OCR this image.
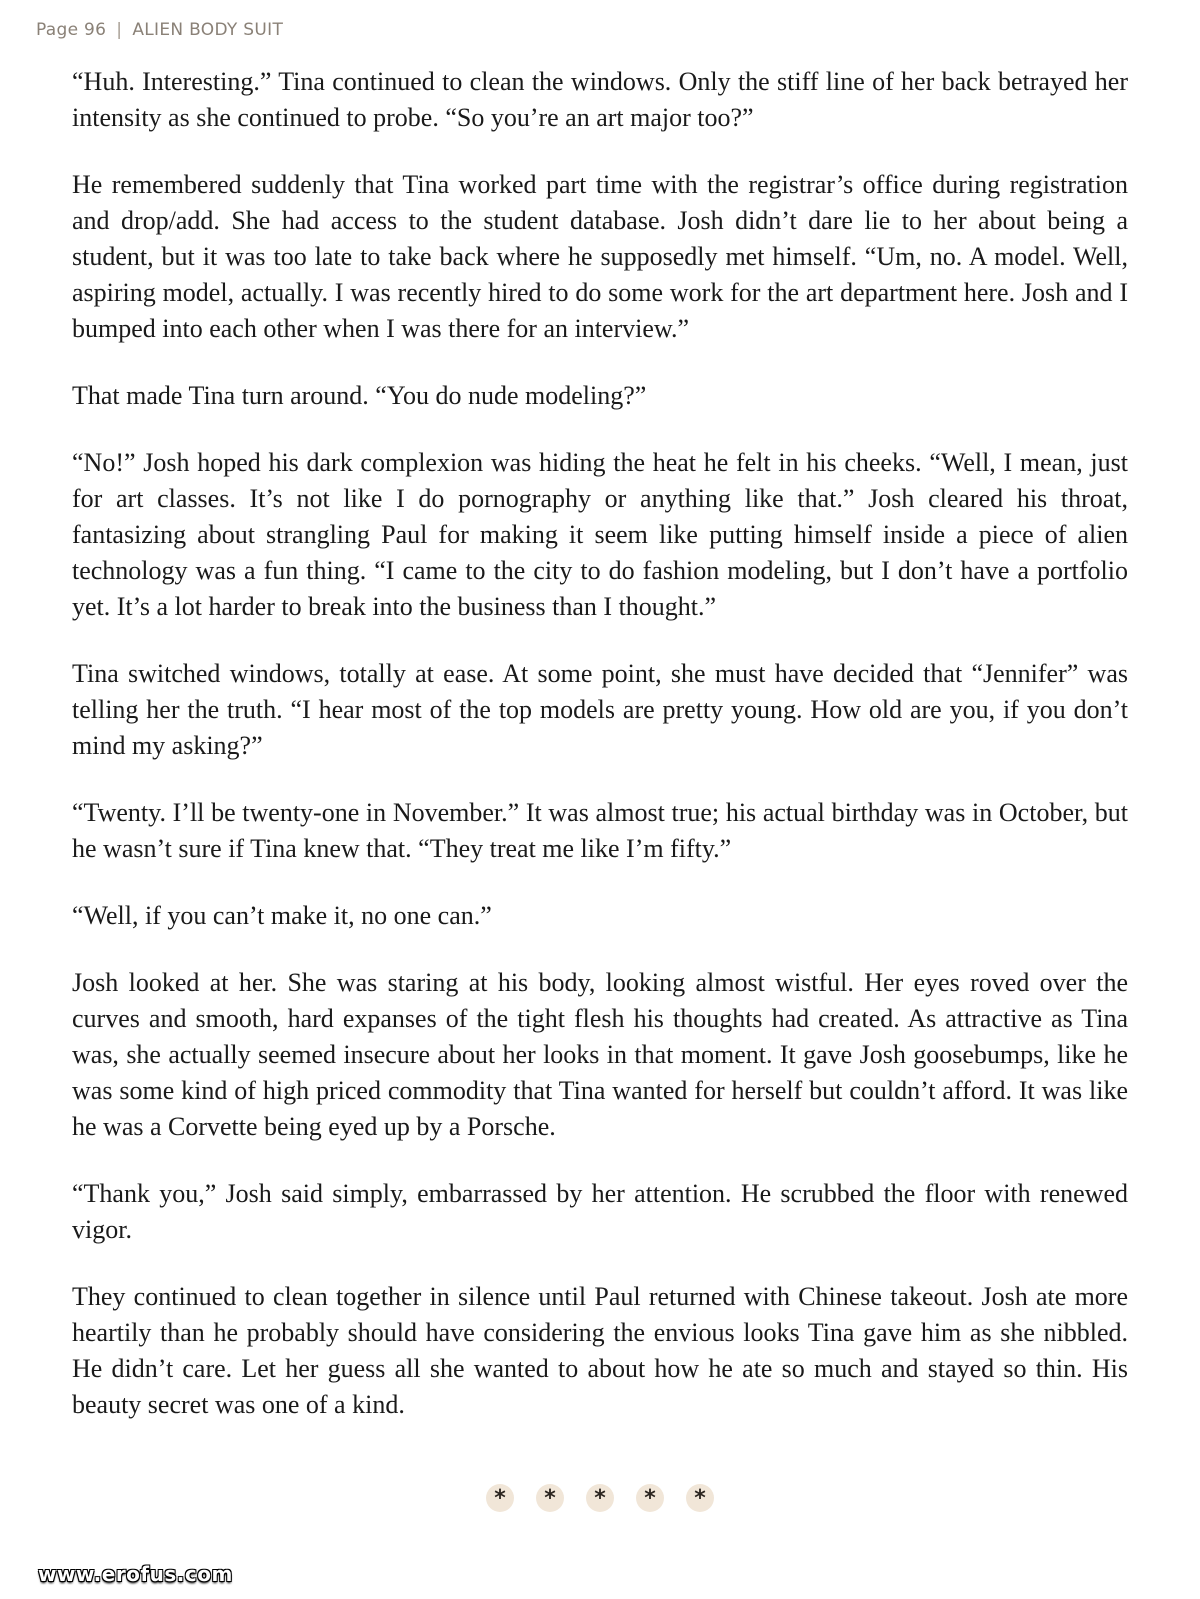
Page 96 | ALIEN BODY SUIT

“Huh. Interesting.” Tina continued to clean the windows. Only the stiff line of her back betrayed her intensity as she continued to probe. “So you’re an art major too?”

He remembered suddenly that Tina worked part time with the registrar’s office during registration and drop/add. She had access to the student database. Josh didn’t dare lie to her about being a student, but it was too late to take back where he supposedly met himself. “Um, no. A model. Well, aspiring model, actually. I was recently hired to do some work for the art department here. Josh and I bumped into each other when I was there for an interview.”

That made Tina turn around. “You do nude modeling?”

“No!” Josh hoped his dark complexion was hiding the heat he felt in his cheeks. “Well, I mean, just for art classes. It’s not like I do pornography or anything like that.” Josh cleared his throat, fantasizing about strangling Paul for making it seem like putting himself inside a piece of alien technology was a fun thing. “I came to the city to do fashion modeling, but I don’t have a portfolio yet. It’s a lot harder to break into the business than I thought.”

Tina switched windows, totally at ease. At some point, she must have decided that “Jennifer” was telling her the truth. “I hear most of the top models are pretty young. How old are you, if you don’t mind my asking?”

“Twenty. I’ll be twenty-one in November.” It was almost true; his actual birthday was in October, but he wasn’t sure if Tina knew that. “They treat me like I’m fifty.”

“Well, if you can’t make it, no one can.”

Josh looked at her. She was staring at his body, looking almost wistful. Her eyes roved over the curves and smooth, hard expanses of the tight flesh his thoughts had created. As attractive as Tina was, she actually seemed insecure about her looks in that moment. It gave Josh goosebumps, like he was some kind of high priced commodity that Tina wanted for herself but couldn’t afford. It was like he was a Corvette being eyed up by a Porsche.

“Thank you,” Josh said simply, embarrassed by her attention. He scrubbed the floor with renewed vigor.

They continued to clean together in silence until Paul returned with Chinese takeout. Josh ate more heartily than he probably should have considering the envious looks Tina gave him as she nibbled. He didn’t care. Let her guess all she wanted to about how he ate so much and stayed so thin. His beauty secret was one of a kind.

*	*	*	*	*
www.erofus.com
